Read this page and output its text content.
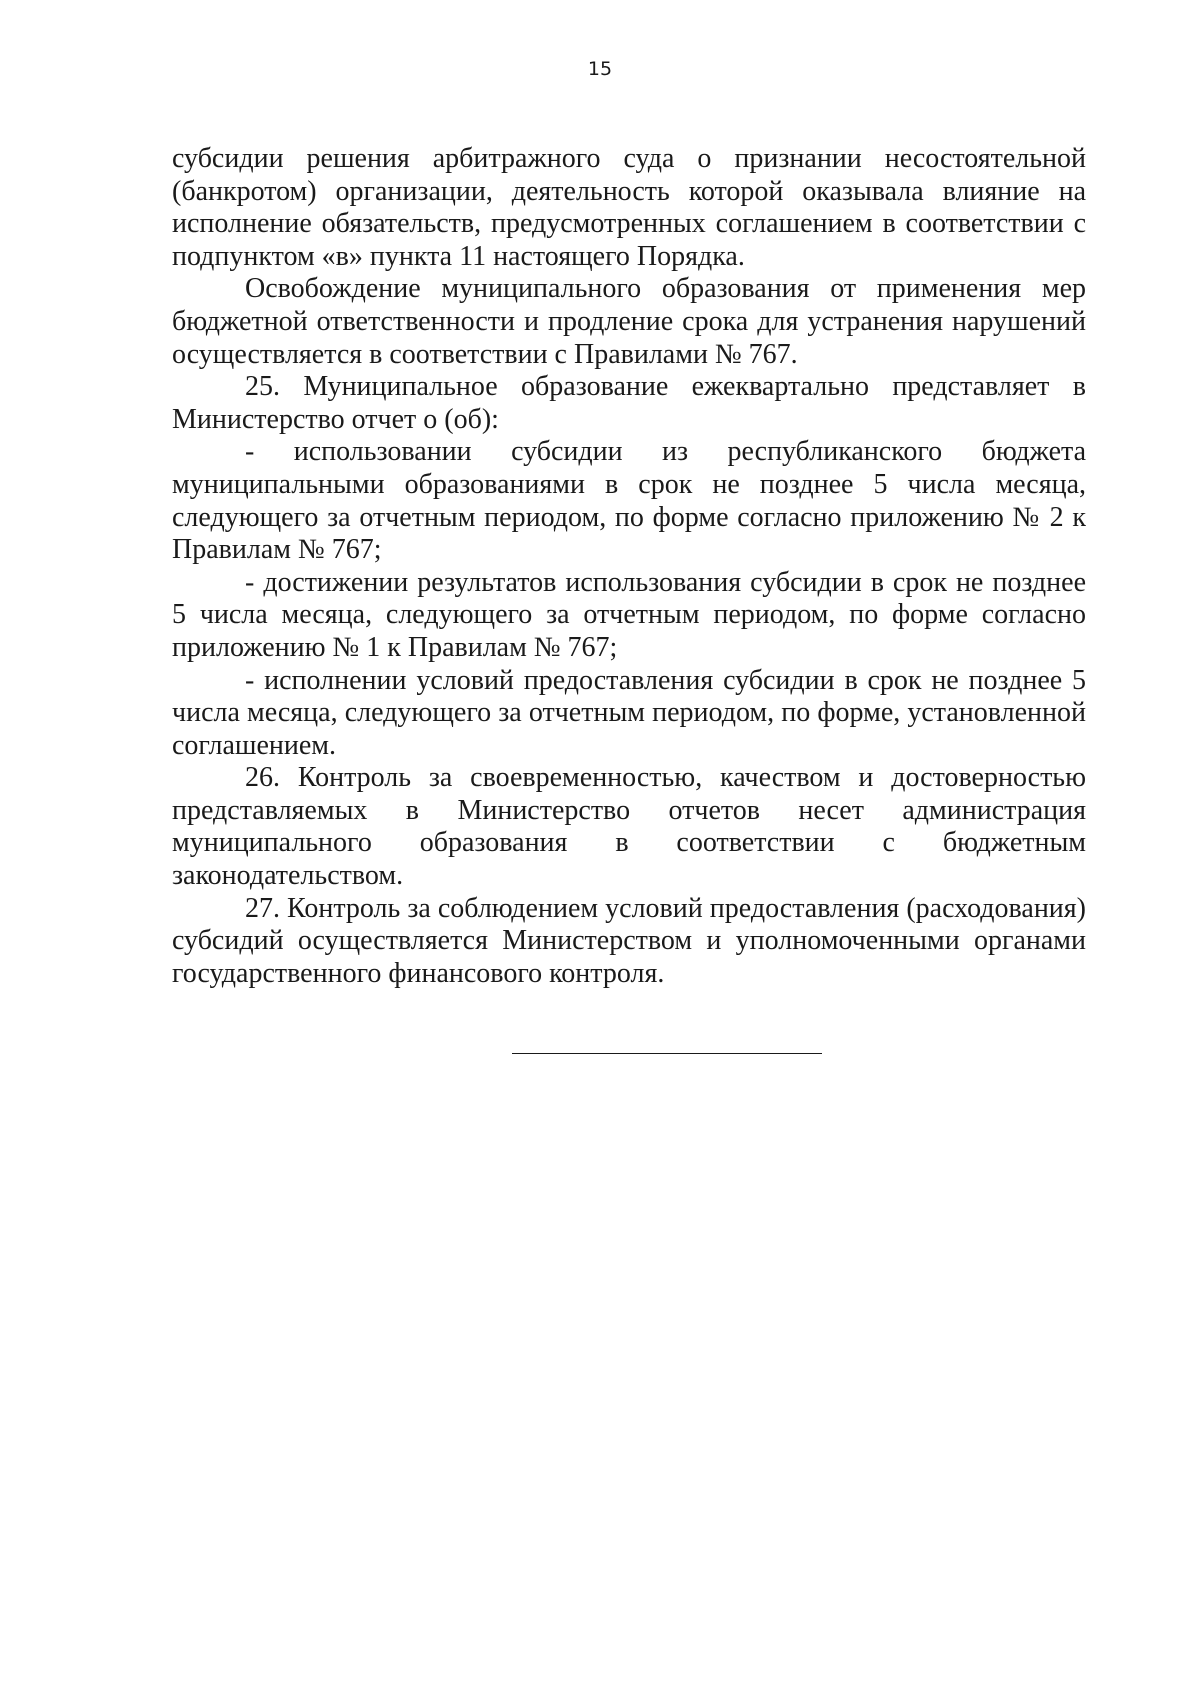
15

субсидии решения арбитражного суда о признании несостоятельной (банкротом) организации, деятельность которой оказывала влияние на исполнение обязательств, предусмотренных соглашением в соответствии с подпунктом «в» пункта 11 настоящего Порядка.

Освобождение муниципального образования от применения мер бюджетной ответственности и продление срока для устранения нарушений осуществляется в соответствии с Правилами № 767.

25. Муниципальное образование ежеквартально представляет в Министерство отчет о (об):

- использовании субсидии из республиканского бюджета муниципальными образованиями в срок не позднее 5 числа месяца, следующего за отчетным периодом, по форме согласно приложению № 2 к Правилам № 767;

- достижении результатов использования субсидии в срок не позднее 5 числа месяца, следующего за отчетным периодом, по форме согласно приложению № 1 к Правилам № 767;

- исполнении условий предоставления субсидии в срок не позднее 5 числа месяца, следующего за отчетным периодом, по форме, установленной соглашением.

26. Контроль за своевременностью, качеством и достоверностью представляемых в Министерство отчетов несет администрация муниципального образования в соответствии с бюджетным законодательством.

27. Контроль за соблюдением условий предоставления (расходования) субсидий осуществляется Министерством и уполномоченными органами государственного финансового контроля.
